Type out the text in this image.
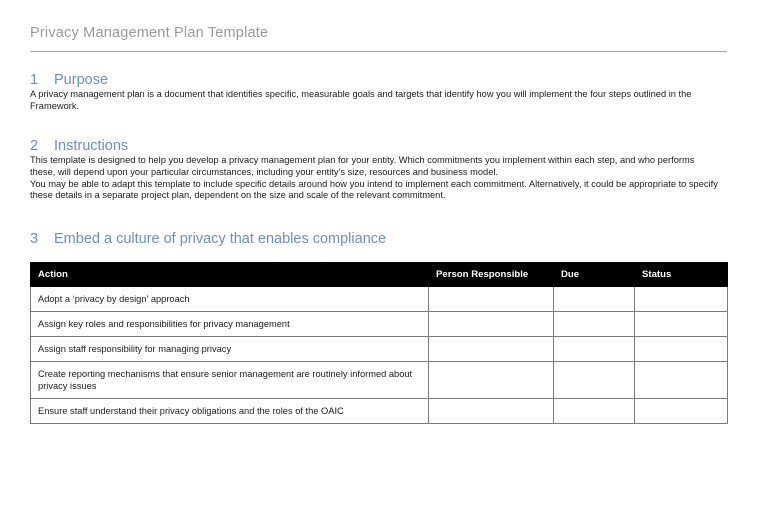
Privacy Management Plan Template
1	Purpose

A privacy management plan is a document that identifies specific, measurable goals and targets that identify how you will implement the four steps outlined in the Framework.

2	Instructions

This template is designed to help you develop a privacy management plan for your entity. Which commitments you implement within each step, and who performs these, will depend upon your particular circumstances, including your entity’s size, resources and business model.

You may be able to adapt this template to include specific details around how you intend to implement each commitment. Alternatively, it could be appropriate to specify these details in a separate project plan, dependent on the size and scale of the relevant commitment.

3	Embed a culture of privacy that enables compliance
Action	Person Responsible	Due	Status
Adopt a ‘privacy by design’ approach			
Assign key roles and responsibilities for privacy management			
Assign staff responsibility for managing privacy			
Create reporting mechanisms that ensure senior management are routinely informed about privacy issues			
Ensure staff understand their privacy obligations and the roles of the OAIC			
